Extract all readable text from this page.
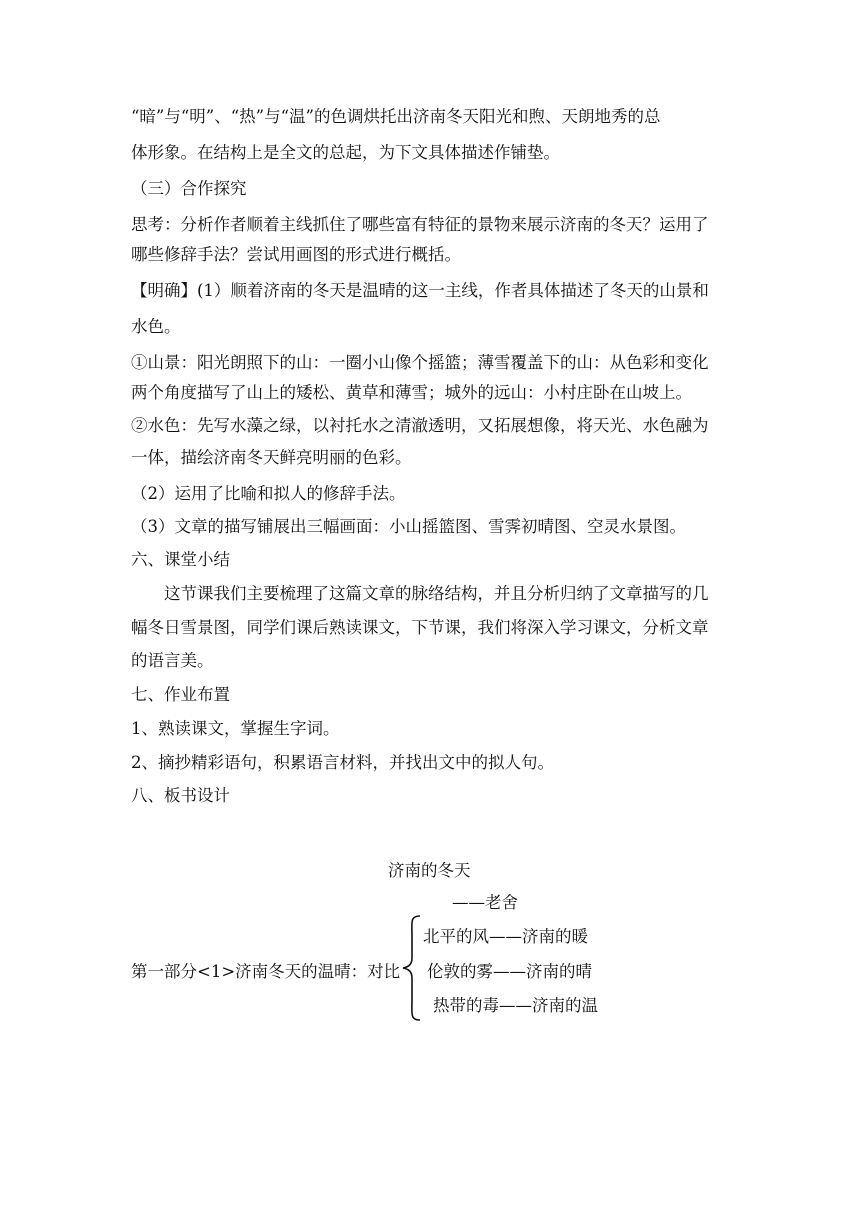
“暗”与“明”、“热”与“温”的色调烘托出济南冬天阳光和煦、天朗地秀的总
体形象。在结构上是全文的总起，为下文具体描述作铺垫。
（三）合作探究
思考：分析作者顺着主线抓住了哪些富有特征的景物来展示济南的冬天？运用了
哪些修辞手法？尝试用画图的形式进行概括。
【明确】(1）顺着济南的冬天是温晴的这一主线，作者具体描述了冬天的山景和
水色。
①山景：阳光朗照下的山：一圈小山像个摇篮；薄雪覆盖下的山：从色彩和变化
两个角度描写了山上的矮松、黄草和薄雪；城外的远山：小村庄卧在山坡上。
②水色：先写水藻之绿，以衬托水之清澈透明，又拓展想像，将天光、水色融为
一体，描绘济南冬天鲜亮明丽的色彩。
（2）运用了比喻和拟人的修辞手法。
（3）文章的描写铺展出三幅画面：小山摇篮图、雪霁初晴图、空灵水景图。
六、课堂小结
这节课我们主要梳理了这篇文章的脉络结构，并且分析归纳了文章描写的几
幅冬日雪景图，同学们课后熟读课文，下节课，我们将深入学习课文，分析文章
的语言美。
七、作业布置
1、熟读课文，掌握生字词。
2、摘抄精彩语句，积累语言材料，并找出文中的拟人句。
八、板书设计
济南的冬天
——老舍
第一部分<1>济南冬天的温晴：对比
北平的风——济南的暖
伦敦的雾——济南的晴
热带的毒——济南的温
